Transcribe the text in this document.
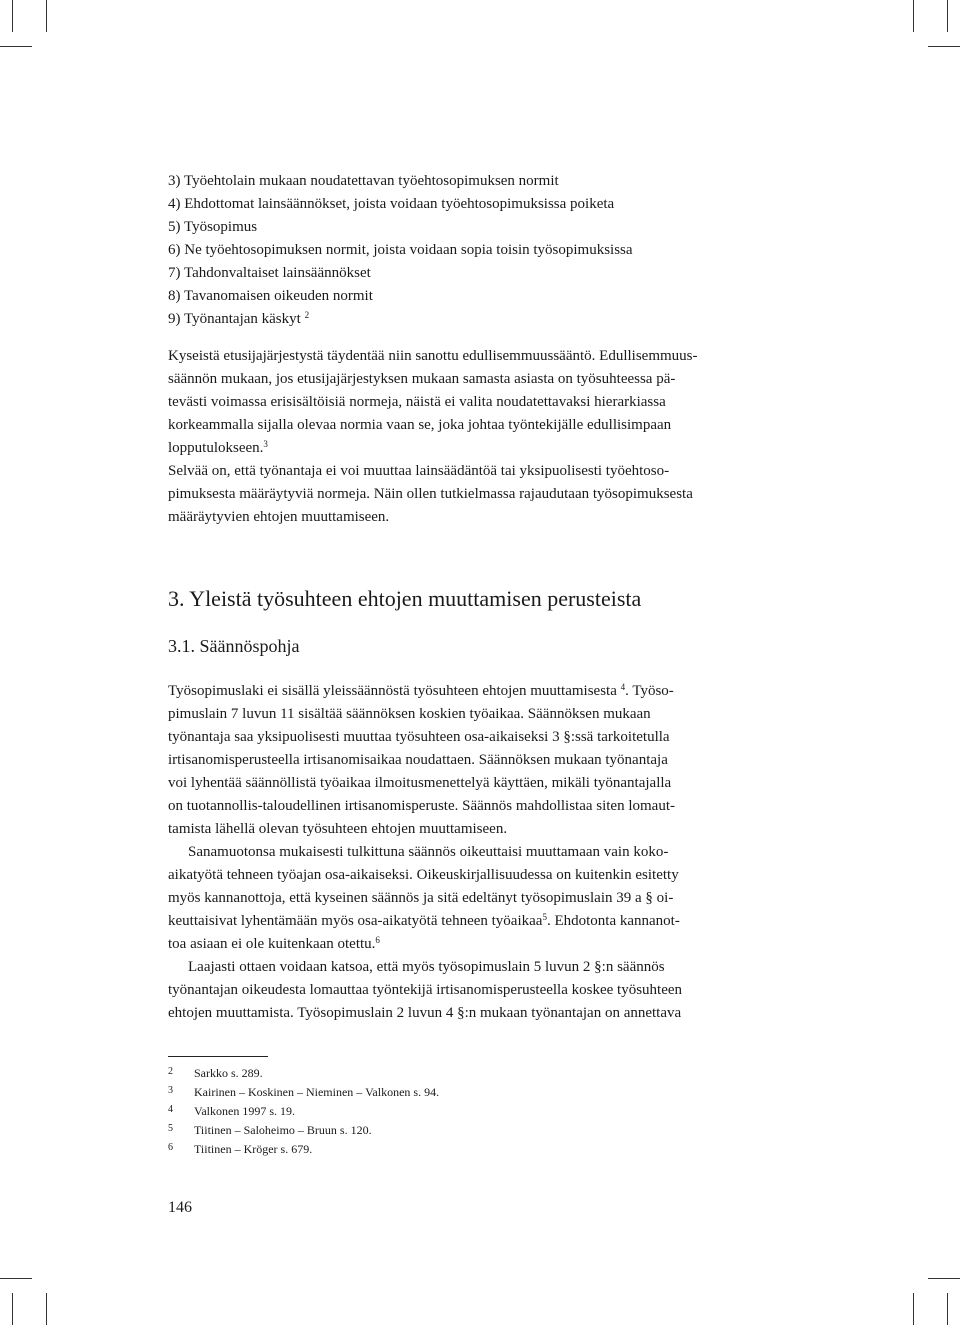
3) Työehtolain mukaan noudatettavan työehtosopimuksen normit
4) Ehdottomat lainsäännökset, joista voidaan työehtosopimuksissa poiketa
5) Työsopimus
6) Ne työehtosopimuksen normit, joista voidaan sopia toisin työsopimuksissa
7) Tahdonvaltaiset lainsäännökset
8) Tavanomaisen oikeuden normit
9) Työnantajan käskyt $^2$
Kyseistä etusijajärjestystä täydentää niin sanottu edullisemmuussääntö. Edullisemmuus-
säännön mukaan, jos etusijajärjestyksen mukaan samasta asiasta on työsuhteessa pä-
tevästi voimassa erisisältöisiä normeja, näistä ei valita noudatettavaksi hierarkiassa
korkeammalla sijalla olevaa normia vaan se, joka johtaa työntekijälle edullisimpaan
lopputulokseen.$^3$
Selvää on, että työnantaja ei voi muuttaa lainsäädäntöä tai yksipuolisesti työehtoso-
pimuksesta määräytyviä normeja. Näin ollen tutkielmassa rajaudutaan työsopimuksesta
määräytyvien ehtojen muuttamiseen.
3. Yleistä työsuhteen ehtojen muuttamisen perusteista
3.1. Säännöspohja
Työsopimuslaki ei sisällä yleissäännöstä työsuhteen ehtojen muuttamisesta $^4$. Työso-
pimuslain 7 luvun 11 sisältää säännöksen koskien työaikaa. Säännöksen mukaan
työnantaja saa yksipuolisesti muuttaa työsuhteen osa-aikaiseksi 3 §:ssä tarkoitetulla
irtisanomisperusteella irtisanomisaikaa noudattaen. Säännöksen mukaan työnantaja
voi lyhentää säännöllistä työaikaa ilmoitusmenettelyä käyttäen, mikäli työnantajalla
on tuotannollis-taloudellinen irtisanomisperuste. Säännös mahdollistaa siten lomaut-
tamista lähellä olevan työsuhteen ehtojen muuttamiseen.
Sanamuotonsa mukaisesti tulkittuna säännös oikeuttaisi muuttamaan vain koko-
aikatyötä tehneen työajan osa-aikaiseksi. Oikeuskirjallisuudessa on kuitenkin esitetty
myös kannanottoja, että kyseinen säännös ja sitä edeltänyt työsopimuslain 39 a § oi-
keuttaisivat lyhentämään myös osa-aikatyötä tehneen työaikaa$^5$. Ehdotonta kannanot-
toa asiaan ei ole kuitenkaan otettu.$^6$
Laajasti ottaen voidaan katsoa, että myös työsopimuslain 5 luvun 2 §:n säännös
työnantajan oikeudesta lomauttaa työntekijä irtisanomisperusteella koskee työsuhteen
ehtojen muuttamista. Työsopimuslain 2 luvun 4 §:n mukaan työnantajan on annettava
2 Sarkko s. 289.
3 Kairinen – Koskinen – Nieminen – Valkonen s. 94.
4 Valkonen 1997 s. 19.
5 Tiitinen – Saloheimo – Bruun s. 120.
6 Tiitinen – Kröger s. 679.
146
